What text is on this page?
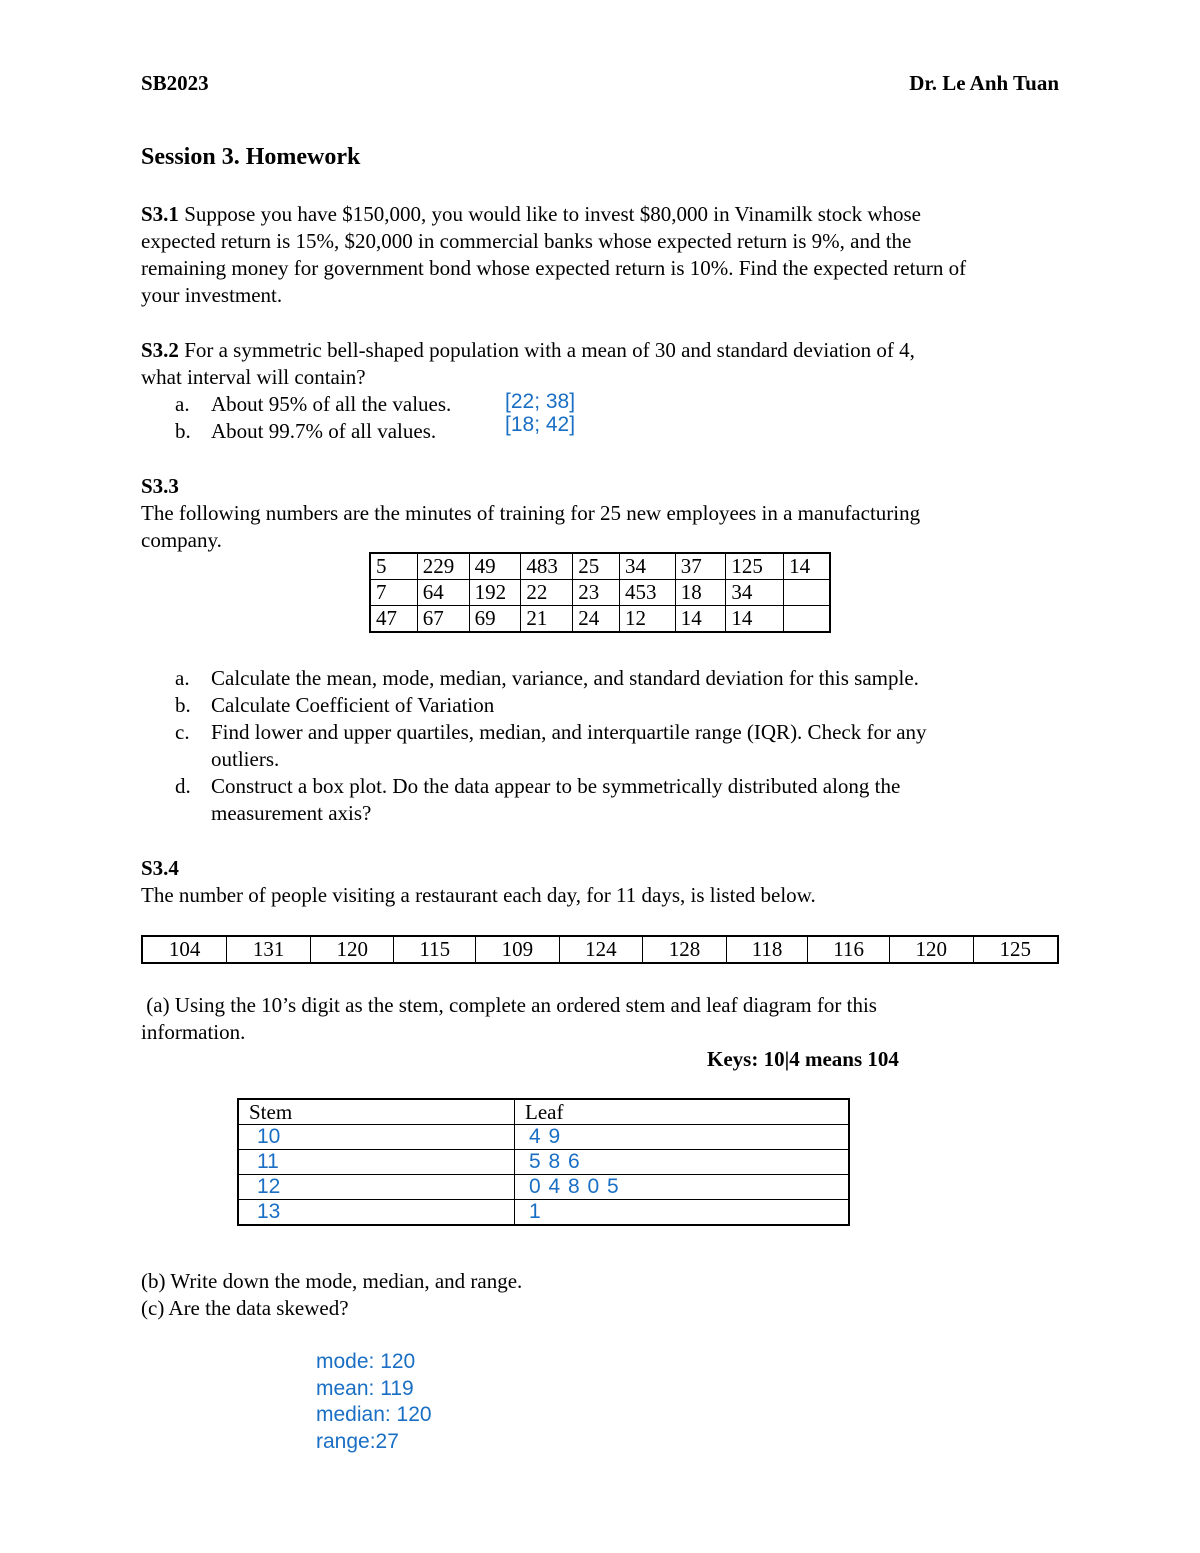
SB2023	Dr. Le Anh Tuan
Session 3. Homework
S3.1 Suppose you have $150,000, you would like to invest $80,000 in Vinamilk stock whose
expected return is 15%, $20,000 in commercial banks whose expected return is 9%, and the
remaining money for government bond whose expected return is 10%. Find the expected return of
your investment.
S3.2 For a symmetric bell-shaped population with a mean of 30 and standard deviation of 4,
what interval will contain?
a. About 95% of all the values.	[22; 38]
b. About 99.7% of all values.	[18; 42]
S3.3
The following numbers are the minutes of training for 25 new employees in a manufacturing
company.
5	229	49	483	25	34	37	125	14
7	64	192	22	23	453	18	34	
47	67	69	21	24	12	14	14	
a. Calculate the mean, mode, median, variance, and standard deviation for this sample.
b. Calculate Coefficient of Variation
c. Find lower and upper quartiles, median, and interquartile range (IQR). Check for any
outliers.
d. Construct a box plot. Do the data appear to be symmetrically distributed along the
measurement axis?
S3.4
The number of people visiting a restaurant each day, for 11 days, is listed below.
104	131	120	115	109	124	128	118	116	120	125
(a) Using the 10’s digit as the stem, complete an ordered stem and leaf diagram for this
information.
Keys: 10|4 means 104
Stem	Leaf
10	4 9
11	5 8 6
12	0 4 8 0 5
13	1
(b) Write down the mode, median, and range.
(c) Are the data skewed?
mode: 120
mean: 119
median: 120
range:27
